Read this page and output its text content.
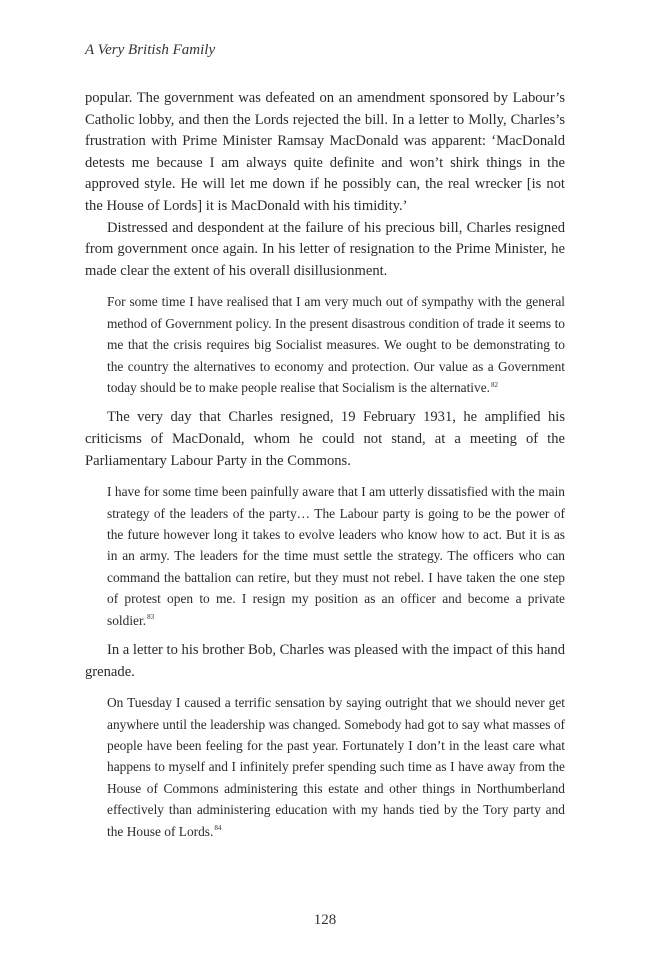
A Very British Family

popular. The government was defeated on an amendment sponsored by Labour’s Catholic lobby, and then the Lords rejected the bill. In a letter to Molly, Charles’s frustration with Prime Minister Ramsay MacDonald was apparent: ‘MacDonald detests me because I am always quite definite and won’t shirk things in the approved style. He will let me down if he possibly can, the real wrecker [is not the House of Lords] it is MacDonald with his timidity.’

Distressed and despondent at the failure of his precious bill, Charles resigned from government once again. In his letter of resignation to the Prime Minister, he made clear the extent of his overall disillusionment.

For some time I have realised that I am very much out of sympathy with the general method of Government policy. In the present disastrous condition of trade it seems to me that the crisis requires big Socialist measures. We ought to be demonstrating to the country the alternatives to economy and protection. Our value as a Government today should be to make people realise that Socialism is the alternative.$^{82}$

The very day that Charles resigned, 19 February 1931, he amplified his criticisms of MacDonald, whom he could not stand, at a meeting of the Parliamentary Labour Party in the Commons.

I have for some time been painfully aware that I am utterly dissatisfied with the main strategy of the leaders of the party… The Labour party is going to be the power of the future however long it takes to evolve leaders who know how to act. But it is as in an army. The leaders for the time must settle the strategy. The officers who can command the battalion can retire, but they must not rebel. I have taken the one step of protest open to me. I resign my position as an officer and become a private soldier.$^{83}$

In a letter to his brother Bob, Charles was pleased with the impact of this hand grenade.

On Tuesday I caused a terrific sensation by saying outright that we should never get anywhere until the leadership was changed. Somebody had got to say what masses of people have been feeling for the past year. Fortunately I don’t in the least care what happens to myself and I infinitely prefer spending such time as I have away from the House of Commons administering this estate and other things in Northumberland effectively than administering education with my hands tied by the Tory party and the House of Lords.$^{84}$
128
